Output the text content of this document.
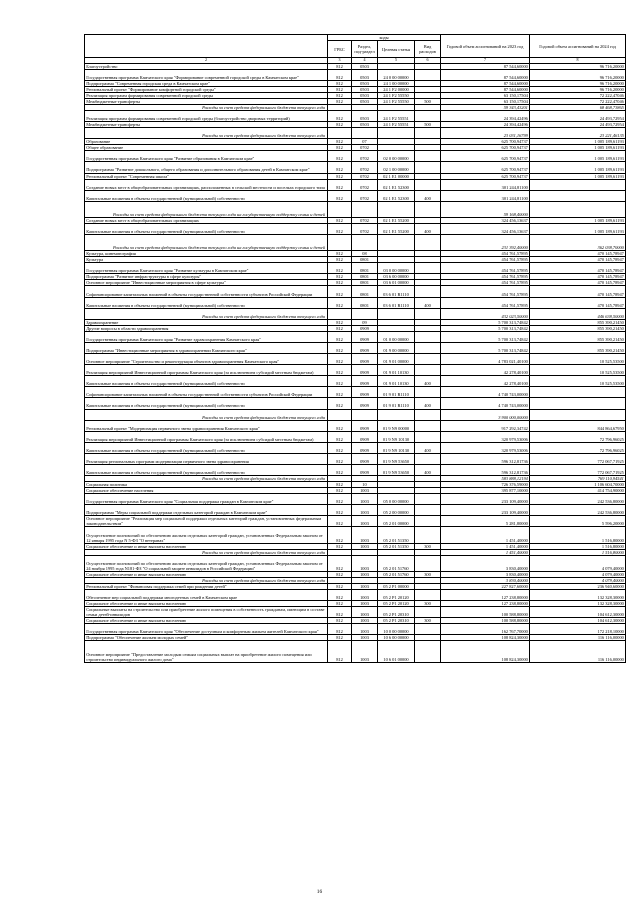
		коды				Годовой объем ассигнований на 2023 год	Годовой объем ассигнований на 2024 год
	ГРБС	Раздел, под-раздел	Целевая статья	Вид расходов		
	2	3	4	5	6	7	8
	Благоустройство	812	0503			87 544,60000	96 716,20000
	Государственная программа Камчатского края "Формирование современной городской среды в Камчатском крае"	812	0503	24 0 00 00000		87 544,60000	96 716,20000
	Подпрограмма "Современная городская среда в Камчатском крае"	812	0503	24 1 00 00000		87 544,60000	96 716,20000
	Региональный проект "Формирование комфортной городской среды"	812	0503	24 1 F2 00000		87 544,60000	96 716,20000
	Реализация программ формирования современной городской среды	812	0503	24 1 F2 55550		63 150,17504	72 222,47046
	Межбюджетные трансферты	812	0503	24 1 F2 55550	500	63 150,17504	72 222,47046
	Расходы за счет средств федерального бюджета текущего года					59 343,43201	68 468,73865
	Реализация программ формирования современной городской среды (благоустройство дворовых территорий)	812	0503	24 1 F2 55551		24 394,42496	24 493,72954
	Межбюджетные трансферты	812	0503	24 1 F2 55551	500	24 394,42496	24 493,72954
	Расходы за счет средств федерального бюджета текущего года					23 031,16799	23 221,46135
	Образование	812	07			625 700,94737	1 005 189,61193
	Общее образование	812	0702			625 700,94737	1 005 189,61193
	Государственная программа Камчатского края "Развитие образования в Камчатском крае"	812	0702	02 0 00 00000		625 700,94737	1 005 189,61193
	Подпрограмма "Развитие дошкольного, общего образования и дополнительного образования детей в Камчатском крае"	812	0702	02 1 00 00000		625 700,94737	1 005 189,61193
	Региональный проект "Современная школа"	812	0702	02 1 E1 00000		625 700,94737	1 005 189,61193
	Создание новых мест в общеобразовательных организациях, расположенных в сельской местности и поселках городского типа	812	0702	02 1 E1 52300		301 244,81100	
	Капитальные вложения в объекты государственной (муниципальной) собственности	812	0702	02 1 E1 52300	400	301 244,81100	
	Расходы за счет средств федерального бюджета текущего года на государственную поддержку семьи и детей					59 168,40000	
	Создание новых мест в общеобразовательных организациях	812	0702	02 1 E1 55200		324 456,13637	1 005 189,61193
	Капитальные вложения в объекты государственной (муниципальной) собственности	812	0702	02 1 E1 55200	400	324 456,13637	1 005 189,61193
	Расходы за счет средств федерального бюджета текущего года на государственную поддержку семьи и детей					231 392,40000	362 038,70000
	Культура, кинематография	812	08			454 761,57895	470 145,78947
	Культура	812	0801			454 761,57895	470 145,78947
	Государственная программа Камчатского края "Развитие культуры в Камчатском крае"	812	0801	03 0 00 00000		454 761,57895	470 145,78947
	Подпрограмма "Развитие инфраструктуры в сфере культуры"	812	0801	03 6 00 00000		454 761,57895	470 145,78947
	Основное мероприятие "Инвестиционные мероприятия в сфере культуры"	812	0801	03 6 01 00000		454 761,57895	470 145,78947
	Софинансирование капитальных вложений в объекты государственной собственности субъектов Российской Федерации	812	0801	03 6 01 R1110		454 761,57895	470 145,78947
	Капитальные вложения в объекты государственной (муниципальной) собственности	812	0801	03 6 01 R1110	400	454 761,57895	470 145,78947
	Расходы за счет средств федерального бюджета текущего года					432 023,50000	446 638,50000
	Здравоохранение	812	09			5 700 313,74842	855 390,21450
	Другие вопросы в области здравоохранения	812	0909			5 700 313,74842	855 390,21450
	Государственная программа Камчатского края "Развитие здравоохранения Камчатского края"	812	0909	01 0 00 00000		5 700 313,74842	855 390,21450
	Подпрограмма "Инвестиционные мероприятия в здравоохранении Камчатского края"	812	0909	01 9 00 00000		5 700 313,74842	855 390,21450
	Основное мероприятие "Строительство и реконструкция объектов здравоохранения Камчатского края"	812	0909	01 9 01 00000		4 783 021,40100	10 525,53500
	Реализация мероприятий Инвестиционной программы Камчатского края (за исключением субсидий местным бюджетам)	812	0909	01 9 01 10130		42 278,40100	10 525,53500
	Капитальные вложения в объекты государственной (муниципальной) собственности	812	0909	01 9 01 10130	400	42 278,40100	10 525,53500
	Софинансирование капитальных вложений в объекты государственной собственности субъектов Российской Федерации	812	0909	01 9 01 R1110		4 740 743,00000	
	Капитальные вложения в объекты государственной (муниципальной) собственности	812	0909	01 9 01 R1110	400	4 740 743,00000	
	Расходы за счет средств федерального бюджета текущего года					3 900 000,00000	
	Региональный проект "Модернизация первичного звена здравоохранения Камчатского края"	812	0909	01 9 N9 00000		917 292,34742	844 864,67950
	Реализация мероприятий Инвестиционной программы Камчатского края (за исключением субсидий местным бюджетам)	812	0909	01 9 N9 10130		320 979,53006	72 796,96025
	Капитальные вложения в объекты государственной (муниципальной) собственности	812	0909	01 9 N9 10130	400	320 979,53006	72 796,96025
	Реализация региональных программ модернизации первичного звена здравоохранения	812	0909	01 9 N9 53650		596 312,81736	772 067,71925
	Капитальные вложения в объекты государственной (муниципальной) собственности	812	0909	01 9 N9 53650	400	596 312,81736	772 067,71925
	Расходы за счет средств федерального бюджета текущего года					583 888,12194	769 110,94541
	Социальная политика	812	10			726 376,59000	1 106 604,70000
	Социальное обеспечение населения	812	1003			395 877,10000	414 754,90000
	Государственная программа Камчатского края "Социальная поддержка граждан в Камчатском крае"	812	1003	05 0 00 00000		233 109,40000	242 536,80000
	Подпрограмма "Меры социальной поддержки отдельных категорий граждан в Камчатском крае"	812	1003	05 2 00 00000		233 109,40000	242 536,80000
	Основное мероприятие "Реализация мер социальной поддержки отдельных категорий граждан, установленных федеральным законодательством"	812	1003	05 2 01 00000		5 281,80000	5 596,20000
	Осуществление полномочий по обеспечению жильем отдельных категорий граждан, установленных Федеральным законом от 12 января 1995 года N 5-ФЗ "О ветеранах"	812	1003	05 2 01 51350		1 451,40000	1 516,80000
	Социальное обеспечение и иные выплаты населению	812	1003	05 2 01 51350	300	1 451,40000	1 516,80000
	Расходы за счет средств федерального бюджета текущего года					1 451,40000	1 516,80000
	Осуществление полномочий по обеспечению жильем отдельных категорий граждан, установленных Федеральным законом от 24 ноября 1995 года N181-ФЗ "О социальной защите инвалидов в Российской Федерации"	812	1003	05 2 01 51760		3 830,40000	4 079,40000
	Социальное обеспечение и иные выплаты населению	812	1003	05 2 01 51760	300	3 830,40000	4 079,40000
	Расходы за счет средств федерального бюджета текущего года					3 830,40000	4 079,40000
	Региональный проект "Финансовая поддержка семей при рождении детей"	812	1003	05 2 P1 00000		227 827,60000	236 940,60000
	Обеспечение мер социальной поддержки многодетных семей в Камчатском крае	812	1003	05 2 P1 20120		127 238,80000	132 328,30000
	Социальное обеспечение и иные выплаты населению	812	1003	05 2 P1 20120	300	127 238,80000	132 328,30000
	Социальные выплаты на строительство или приобретение жилого помещения в собственность гражданам, имеющим в составе семьи детей-инвалидов	812	1003	05 2 P1 20310		100 588,80000	104 612,30000
	Социальное обеспечение и иные выплаты населению	812	1003	05 2 P1 20310	300	100 588,80000	104 612,30000
	Государственная программа Камчатского края "Обеспечение доступным и комфортным жильем жителей Камчатского края"	812	1003	10 0 00 00000		162 767,70000	172 218,10000
	Подпрограмма "Обеспечение жильем молодых семей"	812	1003	10 6 00 00000		108 824,30000	116 116,00000
	Основное мероприятие "Предоставление молодым семьям социальных выплат на приобретение жилого помещения или строительство индивидуального жилого дома"	812	1003	10 6 01 00000		108 824,30000	116 116,00000
16
